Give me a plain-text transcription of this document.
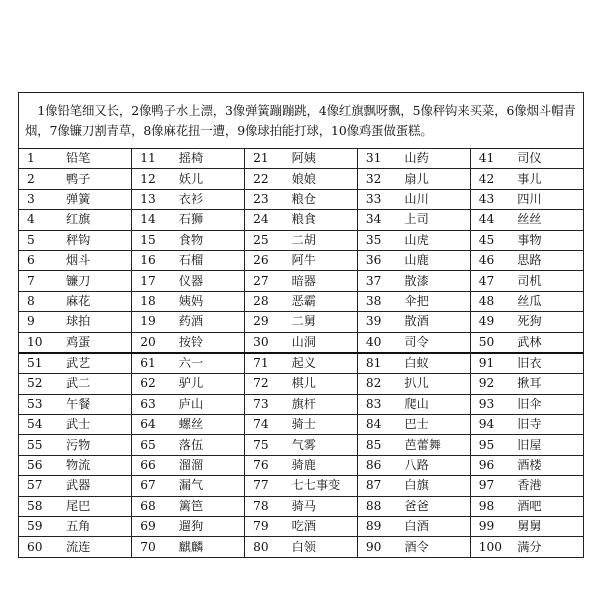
1像铅笔细又长，2像鸭子水上漂，3像弹簧蹦蹦跳，4像红旗飘呀飘，5像秤钩来买菜，6像烟斗帽青烟，7像镰刀割青草，8像麻花扭一遭，9像球拍能打球，10像鸡蛋做蛋糕。
1	铅笔	11	摇椅	21	阿姨	31	山药	41	司仪
2	鸭子	12	妖儿	22	娘娘	32	扇儿	42	事儿
3	弹簧	13	衣衫	23	粮仓	33	山川	43	四川
4	红旗	14	石狮	24	粮食	34	上司	44	丝丝
5	秤钩	15	食物	25	二胡	35	山虎	45	事物
6	烟斗	16	石榴	26	阿牛	36	山鹿	46	思路
7	镰刀	17	仪器	27	暗器	37	散漆	47	司机
8	麻花	18	姨妈	28	恶霸	38	伞把	48	丝瓜
9	球拍	19	药酒	29	二舅	39	散酒	49	死狗
10	鸡蛋	20	按铃	30	山洞	40	司令	50	武林
51	武艺	61	六一	71	起义	81	白蚁	91	旧衣
52	武二	62	驴儿	72	棋儿	82	扒儿	92	揪耳
53	午餐	63	庐山	73	旗杆	83	爬山	93	旧伞
54	武士	64	螺丝	74	骑士	84	巴士	94	旧寺
55	污物	65	落伍	75	气雾	85	芭蕾舞	95	旧屋
56	物流	66	溜溜	76	骑鹿	86	八路	96	酒楼
57	武器	67	漏气	77	七七事变	87	白旗	97	香港
58	尾巴	68	篱笆	78	骑马	88	爸爸	98	酒吧
59	五角	69	遛狗	79	吃酒	89	白酒	99	舅舅
60	流连	70	麒麟	80	白领	90	酒令	100	满分
